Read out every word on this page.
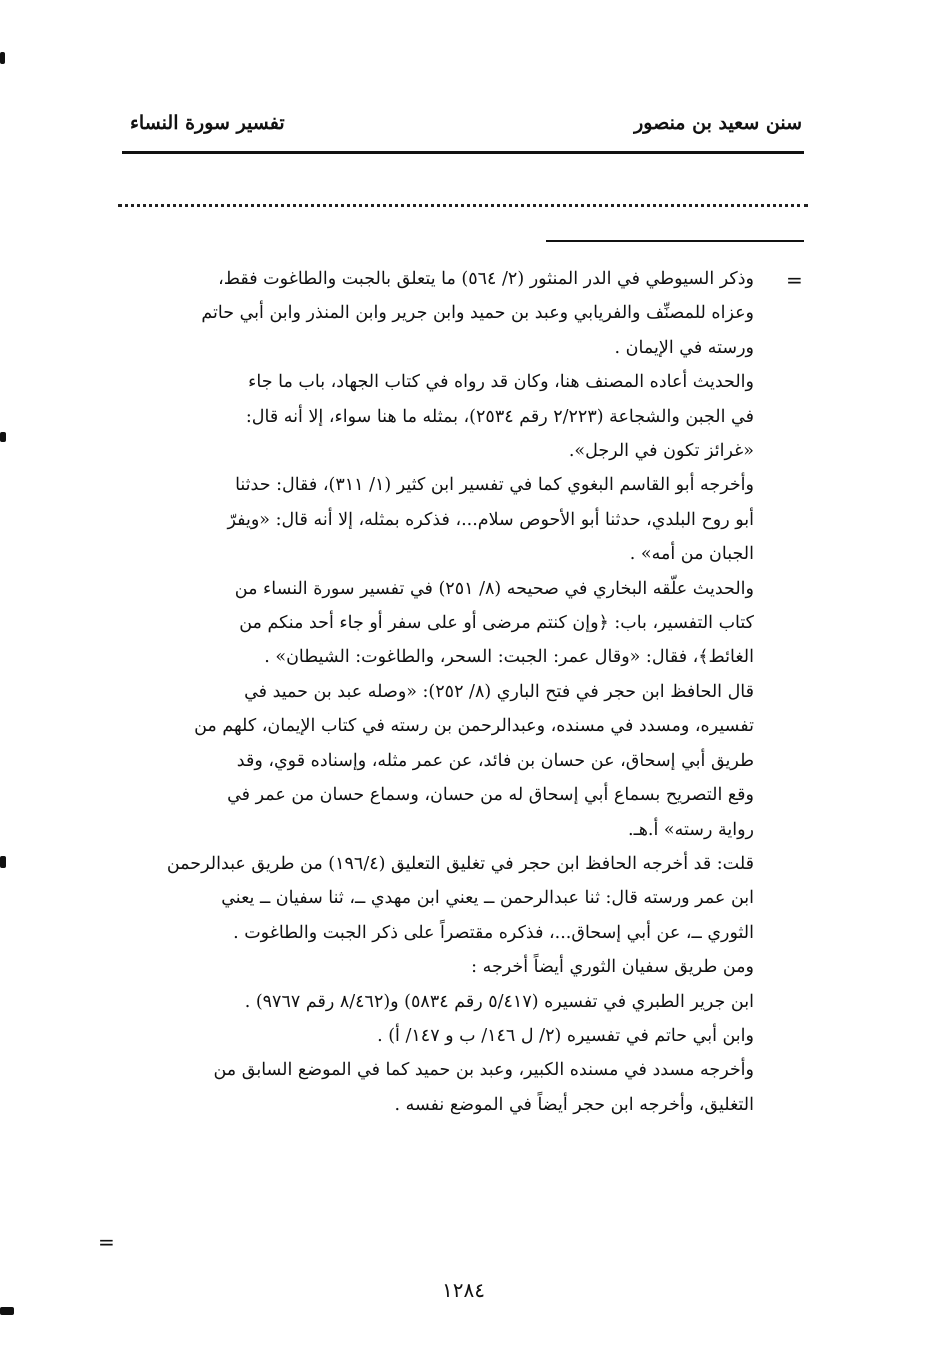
سنن سعيد بن منصور
تفسير سورة النساء
=
=
وذكر السيوطي في الدر المنثور (٢/ ٥٦٤) ما يتعلق بالجبت والطاغوت فقط،
وعزاه للمصنِّف والفريابي وعبد بن حميد وابن جرير وابن المنذر وابن أبي حاتم
ورسته في الإيمان .
والحديث أعاده المصنف هنا، وكان قد رواه في كتاب الجهاد، باب ما جاء
في الجبن والشجاعة (٢/٢٢٣ رقم ٢٥٣٤)، بمثله ما هنا سواء، إلا أنه قال:
«غرائز تكون في الرجل».
وأخرجه أبو القاسم البغوي كما في تفسير ابن كثير (١/ ٣١١)، فقال: حدثنا
أبو روح البلدي، حدثنا أبو الأحوص سلام...، فذكره بمثله، إلا أنه قال: «ويفرّ
الجبان من أمه» .
والحديث علّقه البخاري في صحيحه (٨/ ٢٥١) في تفسير سورة النساء من
كتاب التفسير، باب: ﴿وإن كنتم مرضى أو على سفر أو جاء أحد منكم من
الغائط﴾، فقال: «وقال عمر: الجبت: السحر، والطاغوت: الشيطان» .
قال الحافظ ابن حجر في فتح الباري (٨/ ٢٥٢): «وصله عبد بن حميد في
تفسيره، ومسدد في مسنده، وعبدالرحمن بن رسته في كتاب الإيمان، كلهم من
طريق أبي إسحاق، عن حسان بن فائد، عن عمر مثله، وإسناده قوي، وقد
وقع التصريح بسماع أبي إسحاق له من حسان، وسماع حسان من عمر في
رواية رسته» أ.هـ.
قلت: قد أخرجه الحافظ ابن حجر في تغليق التعليق (١٩٦/٤) من طريق عبدالرحمن
ابن عمر ورسته قال: ثنا عبدالرحمن ــ يعني ابن مهدي ــ، ثنا سفيان ــ يعني
الثوري ــ، عن أبي إسحاق...، فذكره مقتصراً على ذكر الجبت والطاغوت .
ومن طريق سفيان الثوري أيضاً أخرجه :
ابن جرير الطبري في تفسيره (٥/٤١٧ رقم ٥٨٣٤) و(٨/٤٦٢ رقم ٩٧٦٧) .
وابن أبي حاتم في تفسيره (٢/ ل ١٤٦/ ب و ١٤٧/ أ) .
وأخرجه مسدد في مسنده الكبير، وعبد بن حميد كما في الموضع السابق من
التغليق، وأخرجه ابن حجر أيضاً في الموضع نفسه .
١٢٨٤
